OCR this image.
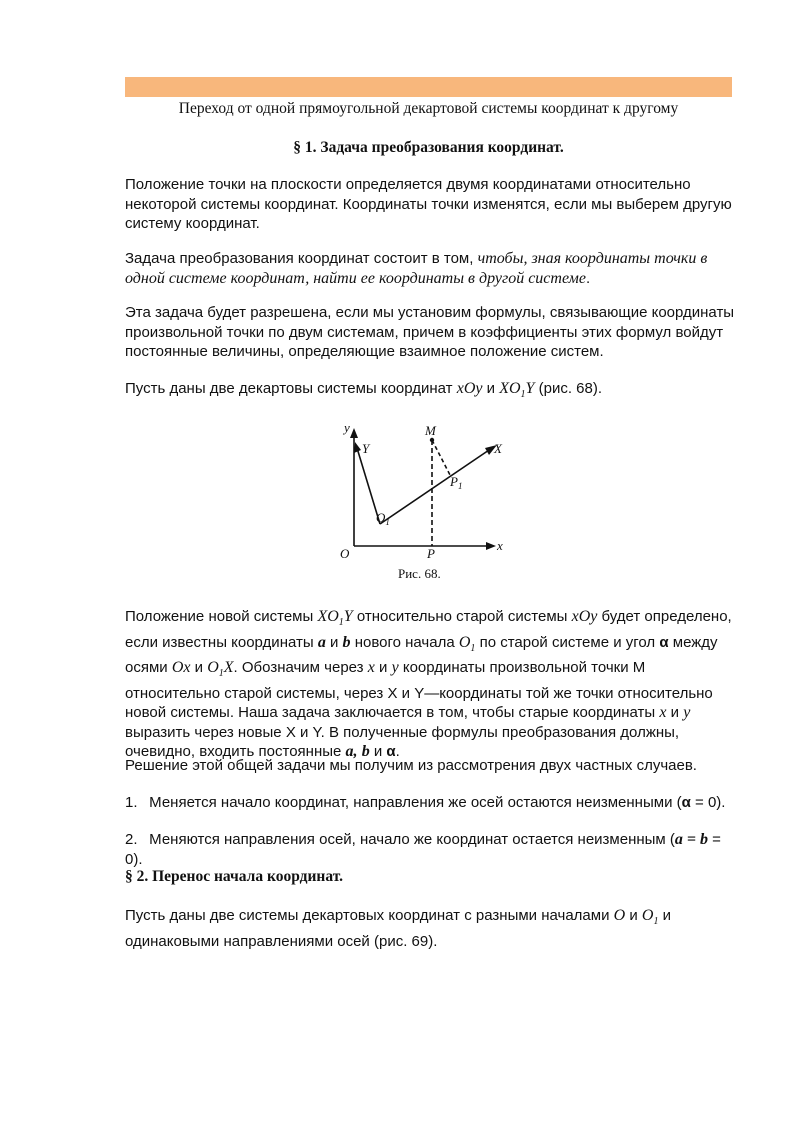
Переход от одной прямоугольной декартовой системы координат к другому
§ 1. Задача преобразования координат.

Положение точки на плоскости определяется двумя координатами относительно некоторой системы координат. Координаты точки изменятся, если мы выберем другую систему координат.

Задача преобразования координат состоит в том, чтобы, зная координаты точки в одной системе координат, найти ее координаты в другой системе.

Эта задача будет разрешена, если мы установим формулы, связывающие координаты произвольной точки по двум системам, причем в коэффициенты этих формул войдут постоянные величины, определяющие взаимное положение систем.

Пусть даны две декартовы системы координат xOy и $XO_1Y$ (рис. 68).

y
Y
M
X
$P_1$
$O_1$
O	P
x
Рис. 68.

Положение новой системы $XO_1Y$ относительно старой системы xOy будет определено, если известны координаты a и b нового начала $O_1$ по старой системе и угол α между осями Ox и $O_1X$. Обозначим через x и y координаты произвольной точки М относительно старой системы, через X и Y—координаты той же точки относительно новой системы. Наша задача заключается в том, чтобы старые координаты x и y выразить через новые X и Y. В полученные формулы преобразования должны, очевидно, входить постоянные a, b и α.

Решение этой общей задачи мы получим из рассмотрения двух частных случаев.

1. Меняется начало координат, направления же осей остаются неизменными (α = 0).

2. Меняются направления осей, начало же координат остается неизменным (a = b = 0).

§ 2. Перенос начала координат.

Пусть даны две системы декартовых координат с разными началами O и $O_1$ и одинаковыми направлениями осей (рис. 69).
